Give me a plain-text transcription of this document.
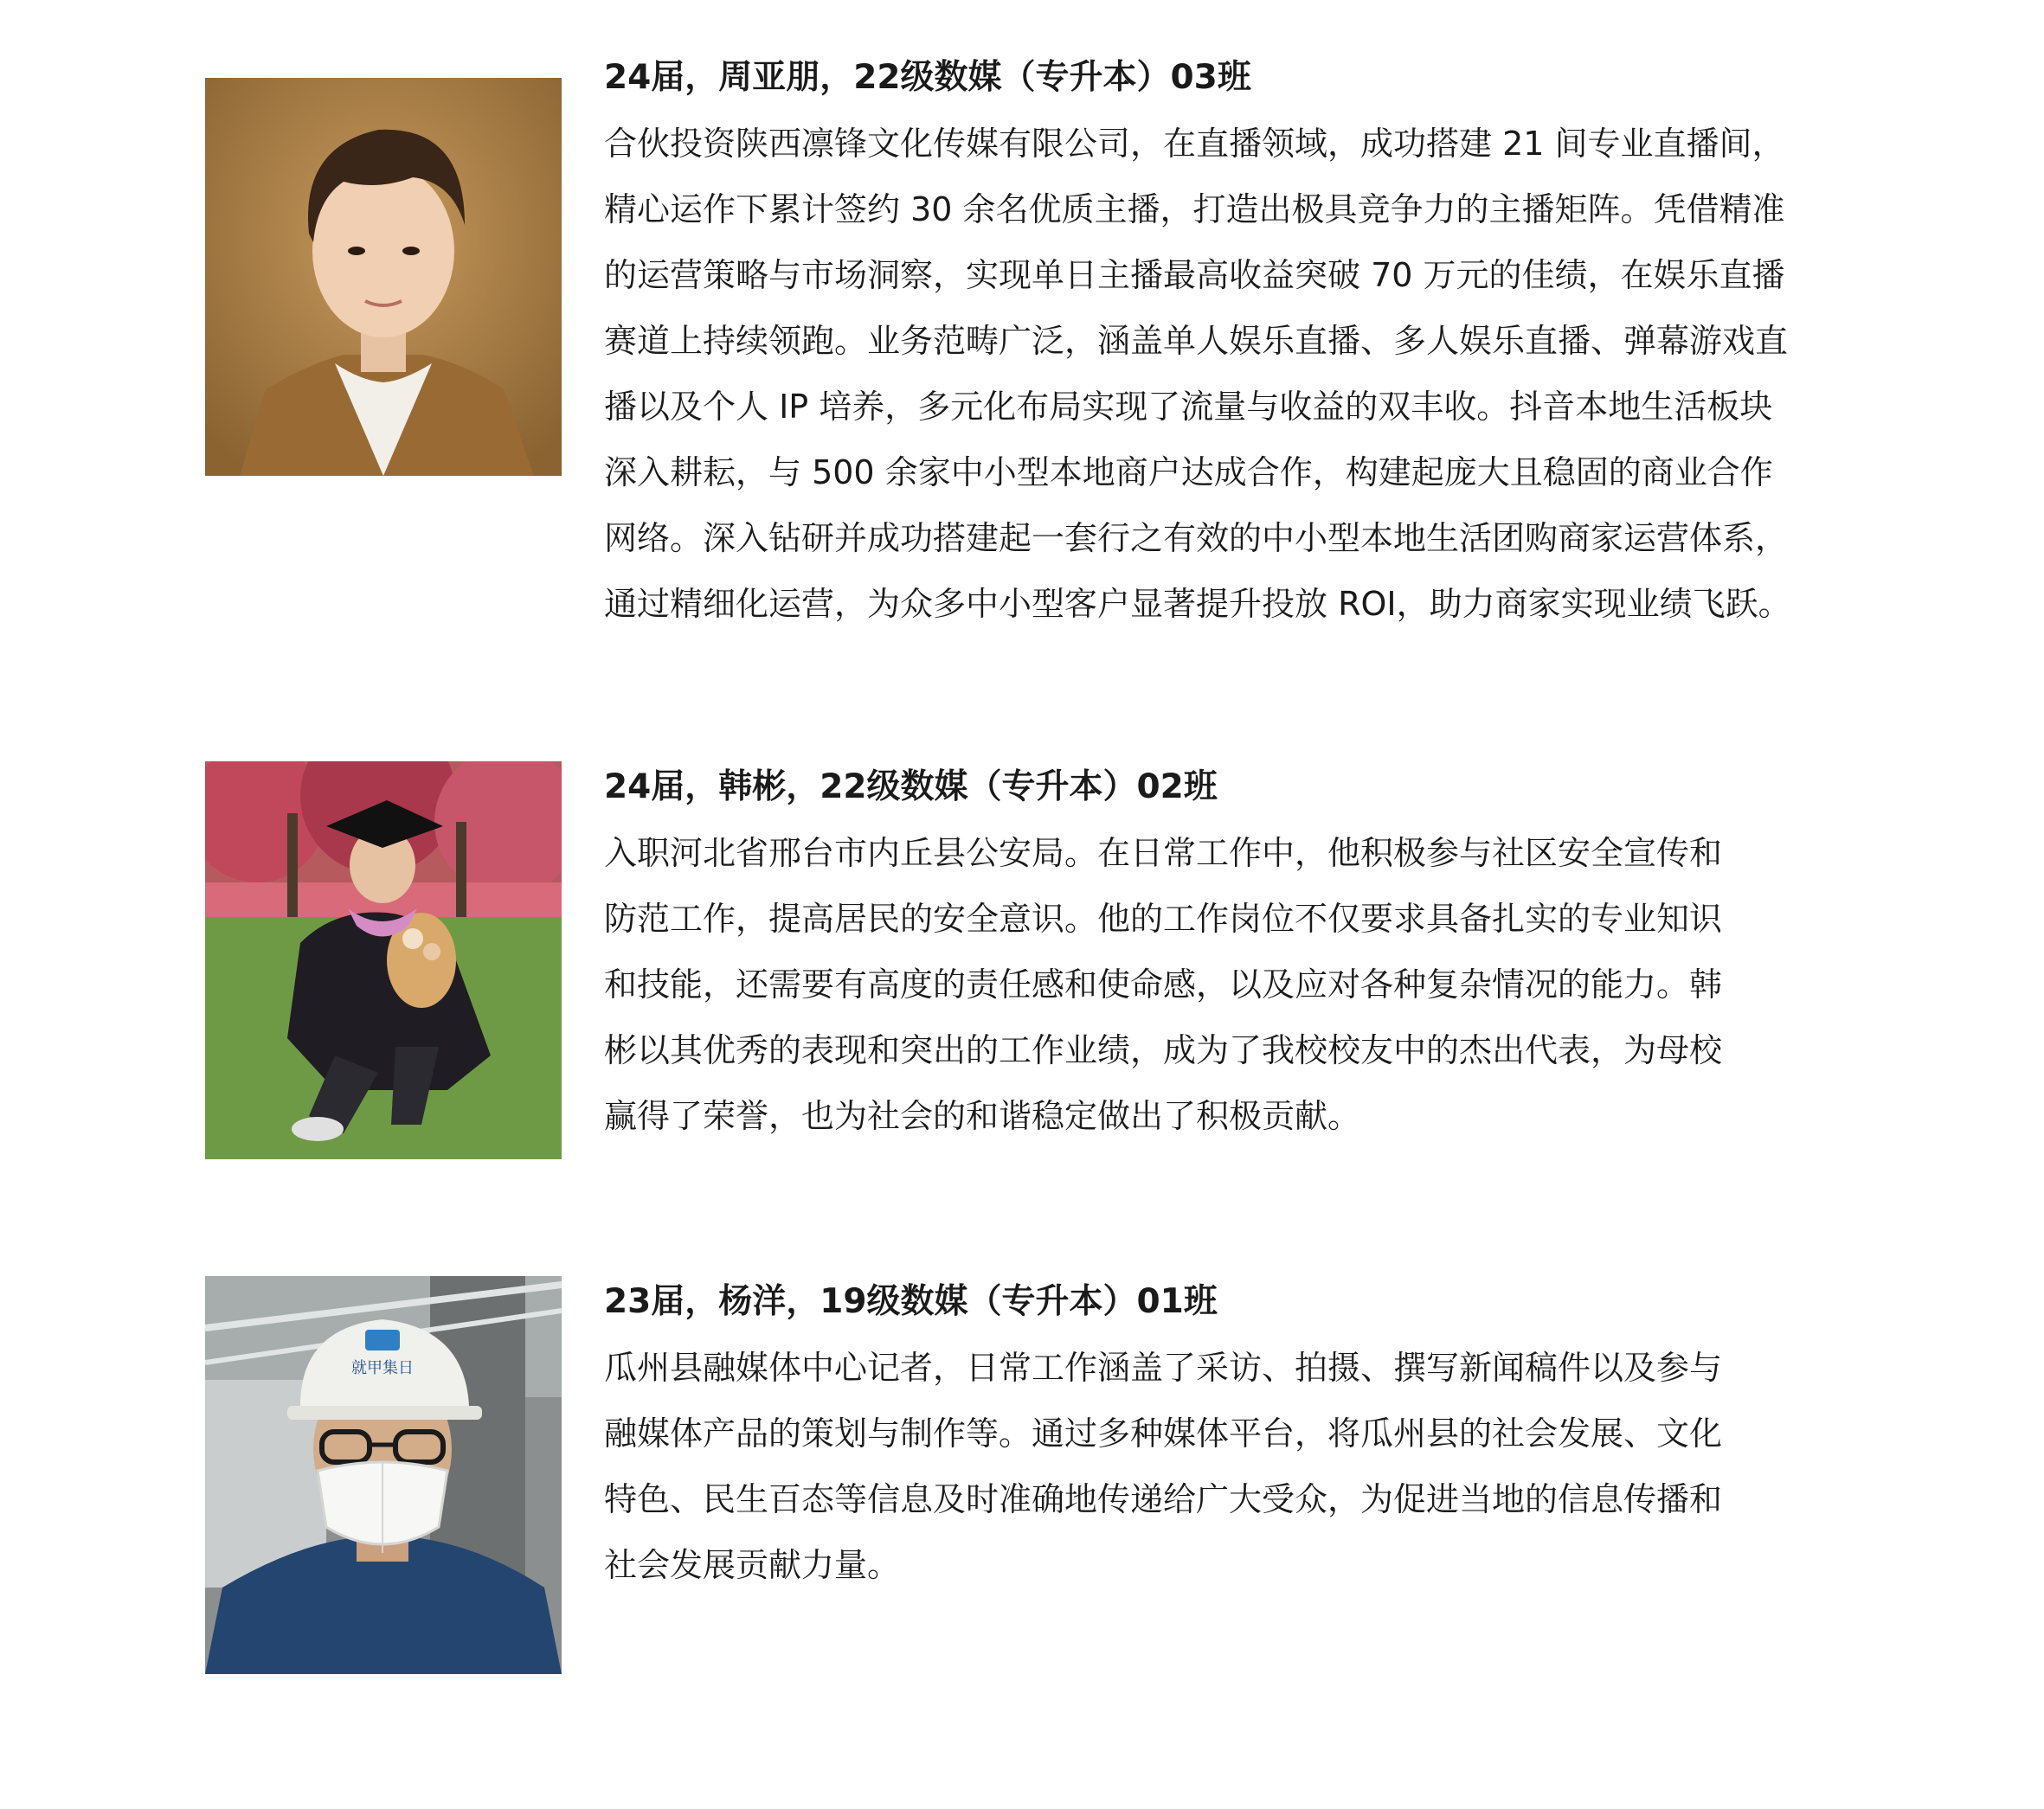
24届，周亚朋，22级数媒（专升本）03班

合伙投资陕西凛锋文化传媒有限公司，在直播领域，成功搭建 21 间专业直播间，

精心运作下累计签约 30 余名优质主播，打造出极具竞争力的主播矩阵。凭借精准

的运营策略与市场洞察，实现单日主播最高收益突破 70 万元的佳绩，在娱乐直播

赛道上持续领跑。业务范畴广泛，涵盖单人娱乐直播、多人娱乐直播、弹幕游戏直

播以及个人 IP 培养，多元化布局实现了流量与收益的双丰收。抖音本地生活板块

深入耕耘，与 500 余家中小型本地商户达成合作，构建起庞大且稳固的商业合作

网络。深入钻研并成功搭建起一套行之有效的中小型本地生活团购商家运营体系，

通过精细化运营，为众多中小型客户显著提升投放 ROI，助力商家实现业绩飞跃。

24届，韩彬，22级数媒（专升本）02班

入职河北省邢台市内丘县公安局。在日常工作中，他积极参与社区安全宣传和

防范工作，提高居民的安全意识。他的工作岗位不仅要求具备扎实的专业知识

和技能，还需要有高度的责任感和使命感，以及应对各种复杂情况的能力。韩

彬以其优秀的表现和突出的工作业绩，成为了我校校友中的杰出代表，为母校

赢得了荣誉，也为社会的和谐稳定做出了积极贡献。

就甲集日
23届，杨洋，19级数媒（专升本）01班

瓜州县融媒体中心记者，日常工作涵盖了采访、拍摄、撰写新闻稿件以及参与

融媒体产品的策划与制作等。通过多种媒体平台，将瓜州县的社会发展、文化

特色、民生百态等信息及时准确地传递给广大受众，为促进当地的信息传播和

社会发展贡献力量。
